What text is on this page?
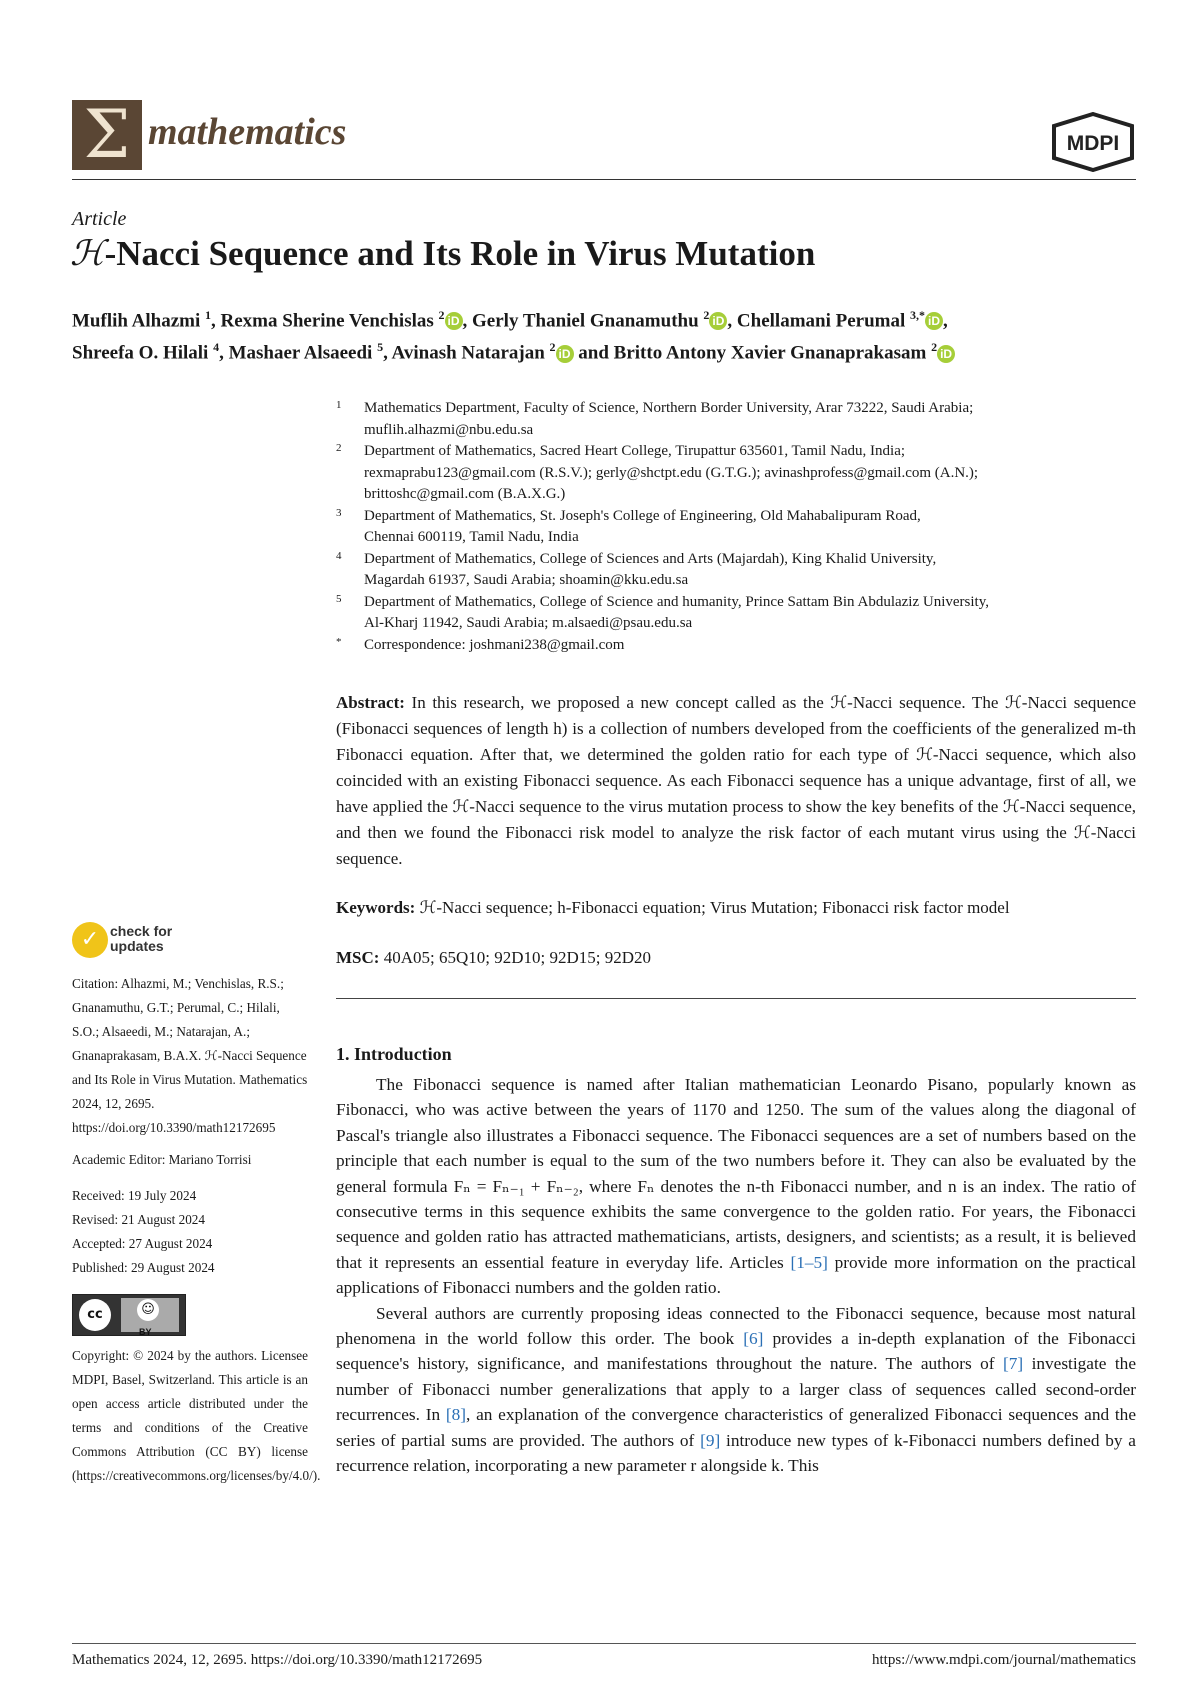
Σ mathematics	MDPI
Article
ℋ-Nacci Sequence and Its Role in Virus Mutation
Muflih Alhazmi $^1$, Rexma Sherine Venchislas $^2$ iD , Gerly Thaniel Gnanamuthu $^2$ iD , Chellamani Perumal $^{3,*}$ iD ,
Shreefa O. Hilali $^4$, Mashaer Alsaeedi $^5$, Avinash Natarajan $^2$ iD and Britto Antony Xavier Gnanaprakasam $^2$ iD
1 Mathematics Department, Faculty of Science, Northern Border University, Arar 73222, Saudi Arabia;
muflih.alhazmi@nbu.edu.sa
2 Department of Mathematics, Sacred Heart College, Tirupattur 635601, Tamil Nadu, India;
rexmaprabu123@gmail.com (R.S.V.); gerly@shctpt.edu (G.T.G.); avinashprofess@gmail.com (A.N.);
brittoshc@gmail.com (B.A.X.G.)
3 Department of Mathematics, St. Joseph's College of Engineering, Old Mahabalipuram Road,
Chennai 600119, Tamil Nadu, India
4 Department of Mathematics, College of Sciences and Arts (Majardah), King Khalid University,
Magardah 61937, Saudi Arabia; shoamin@kku.edu.sa
5 Department of Mathematics, College of Science and humanity, Prince Sattam Bin Abdulaziz University,
Al-Kharj 11942, Saudi Arabia; m.alsaedi@psau.edu.sa
* Correspondence: joshmani238@gmail.com
Abstract: In this research, we proposed a new concept called as the ℋ-Nacci sequence. The ℋ-Nacci sequence (Fibonacci sequences of length h) is a collection of numbers developed from the coefficients of the generalized m-th Fibonacci equation. After that, we determined the golden ratio for each type of ℋ-Nacci sequence, which also coincided with an existing Fibonacci sequence. As each Fibonacci sequence has a unique advantage, first of all, we have applied the ℋ-Nacci sequence to the virus mutation process to show the key benefits of the ℋ-Nacci sequence, and then we found the Fibonacci risk model to analyze the risk factor of each mutant virus using the ℋ-Nacci sequence.
Keywords: ℋ-Nacci sequence; h-Fibonacci equation; Virus Mutation; Fibonacci risk factor model
MSC: 40A05; 65Q10; 92D10; 92D15; 92D20
1. Introduction

The Fibonacci sequence is named after Italian mathematician Leonardo Pisano, popularly known as Fibonacci, who was active between the years of 1170 and 1250. The sum of the values along the diagonal of Pascal's triangle also illustrates a Fibonacci sequence. The Fibonacci sequences are a set of numbers based on the principle that each number is equal to the sum of the two numbers before it. They can also be evaluated by the general formula Fₙ = Fₙ₋₁ + Fₙ₋₂, where Fₙ denotes the n-th Fibonacci number, and n is an index. The ratio of consecutive terms in this sequence exhibits the same convergence to the golden ratio. For years, the Fibonacci sequence and golden ratio has attracted mathematicians, artists, designers, and scientists; as a result, it is believed that it represents an essential feature in everyday life. Articles [1–5] provide more information on the practical applications of Fibonacci numbers and the golden ratio.

Several authors are currently proposing ideas connected to the Fibonacci sequence, because most natural phenomena in the world follow this order. The book [6] provides a in-depth explanation of the Fibonacci sequence's history, significance, and manifestations throughout the nature. The authors of [7] investigate the number of Fibonacci number generalizations that apply to a larger class of sequences called second-order recurrences. In [8], an explanation of the convergence characteristics of generalized Fibonacci sequences and the series of partial sums are provided. The authors of [9] introduce new types of k-Fibonacci numbers defined by a recurrence relation, incorporating a new parameter r alongside k. This

✓ check for updates

Citation: Alhazmi, M.; Venchislas, R.S.; Gnanamuthu, G.T.; Perumal, C.; Hilali, S.O.; Alsaeedi, M.; Natarajan, A.; Gnanaprakasam, B.A.X. ℋ-Nacci Sequence and Its Role in Virus Mutation. Mathematics 2024, 12, 2695. https://doi.org/10.3390/math12172695

Academic Editor: Mariano Torrisi

Received: 19 July 2024

Revised: 21 August 2024

Accepted: 27 August 2024

Published: 29 August 2024

cc	☺
BY

Copyright: © 2024 by the authors. Licensee MDPI, Basel, Switzerland. This article is an open access article distributed under the terms and conditions of the Creative Commons Attribution (CC BY) license (https://creativecommons.org/licenses/by/4.0/).

Mathematics 2024, 12, 2695. https://doi.org/10.3390/math12172695	https://www.mdpi.com/journal/mathematics
